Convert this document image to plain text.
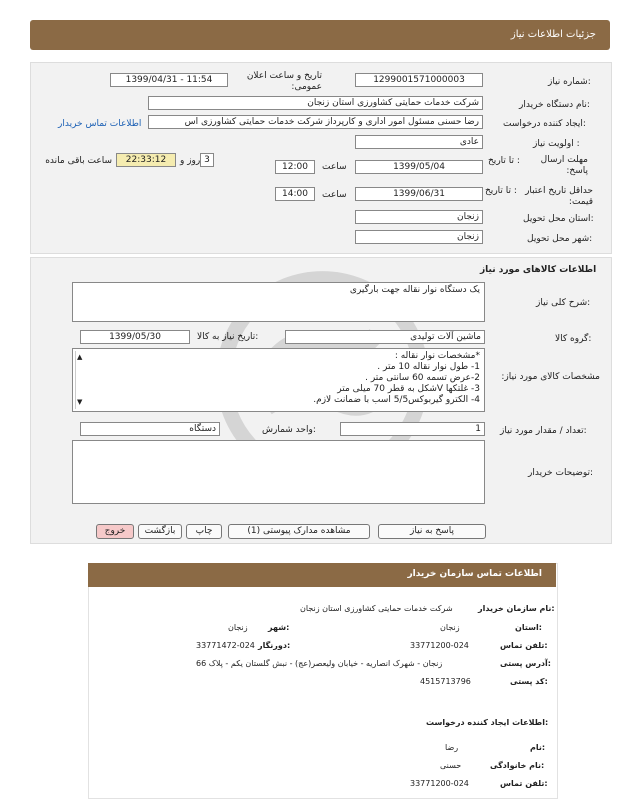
جزئیات اطلاعات نیاز
شماره نیاز:
1299001571000003
تاریخ و ساعت اعلان عمومی:
1399/04/31 - 11:54
نام دستگاه خریدار:
شرکت خدمات حمایتی کشاورزی استان زنجان
ایجاد کننده درخواست:
رضا حسنی مسئول امور اداری و کارپرداز شرکت خدمات حمایتی کشاورزی اس
اطلاعات تماس خریدار
اولویت نیاز :
عادی
مهلت ارسال پاسخ:
تا تاریخ :
1399/05/04
ساعت
12:00
3
روز و
22:33:12
ساعت باقی مانده
حداقل تاریخ اعتبار قیمت:
تا تاریخ :
1399/06/31
ساعت
14:00
استان محل تحویل:
زنجان
شهر محل تحویل:
زنجان
اطلاعات کالاهای مورد نیاز
شرح کلی نیاز:
یک دستگاه نوار نقاله جهت بارگیری
گروه کالا:
ماشین آلات تولیدی
تاریخ نیاز به کالا:
1399/05/30
مشخصات کالای مورد نیاز:
*مشخصات نوار نقاله :
1- طول نوار نقاله 10 متر .
2-عرض تسمه 60 سانتی متر .
3- غلتکها Vشکل به قطر 70 میلی متر
4- الکترو گیربوکس5/5 اسب با ضمانت لازم.
▲
▼
تعداد / مقدار مورد نیاز:
1
واحد شمارش:
دستگاه
توضیحات خریدار:
پاسخ به نیاز
مشاهده مدارک پیوستی (1)
چاپ
بازگشت
خروج
اطلاعات تماس سازمان خریدار
نام سازمان خریدار:
شرکت خدمات حمایتی کشاورزی استان زنجان
استان:
زنجان
شهر:
زنجان
تلفن تماس:
33771200-024
دورنگار:
33771472-024
آدرس پستی:
زنجان - شهرک انصاریه - خیابان ولیعصر(عج) - نبش گلستان یکم - پلاک 66
کد پستی:
4515713796
اطلاعات ایجاد کننده درخواست:
نام:
رضا
نام خانوادگی:
حسنی
تلفن تماس:
33771200-024
